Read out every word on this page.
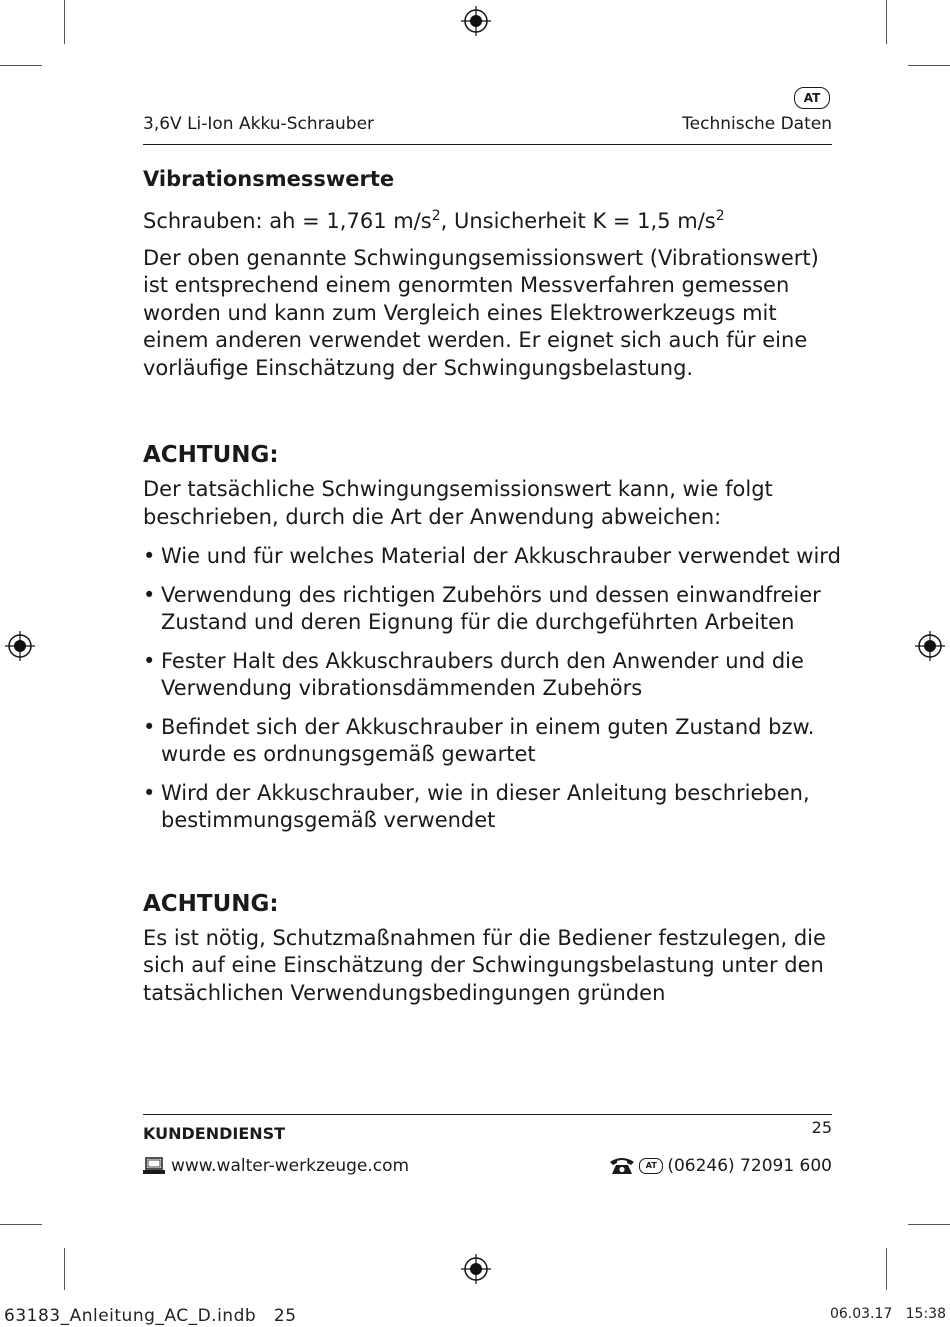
AT
3,6V Li-Ion Akku-Schrauber	Technische Daten
Vibrationsmesswerte
Schrauben: ah = 1,761 $m/s^2$, Unsicherheit K = 1,5 $m/s^2$
Der oben genannte Schwingungsemissionswert (Vibrationswert) ist entsprechend einem genormten Messverfahren gemessen worden und kann zum Vergleich eines Elektrowerkzeugs mit einem anderen verwendet werden. Er eignet sich auch für eine vorläufige Einschätzung der Schwingungsbelastung.
ACHTUNG:
Der tatsächliche Schwingungsemissionswert kann, wie folgt beschrieben, durch die Art der Anwendung abweichen:
• Wie und für welches Material der Akkuschrauber verwendet wird
• Verwendung des richtigen Zubehörs und dessen einwandfreier Zustand und deren Eignung für die durchgeführten Arbeiten
• Fester Halt des Akkuschraubers durch den Anwender und die Verwendung vibrationsdämmenden Zubehörs
• Befindet sich der Akkuschrauber in einem guten Zustand bzw. wurde es ordnungsgemäß gewartet
• Wird der Akkuschrauber, wie in dieser Anleitung beschrieben, bestimmungsgemäß verwendet
ACHTUNG:
Es ist nötig, Schutzmaßnahmen für die Bediener festzulegen, die sich auf eine Einschätzung der Schwingungsbelastung unter den tatsächlichen Verwendungsbedingungen gründen
KUNDENDIENST	25
www.walter-werkzeuge.com	AT (06246) 72091 600
63183_Anleitung_AC_D.indb   25	06.03.17   15:38
